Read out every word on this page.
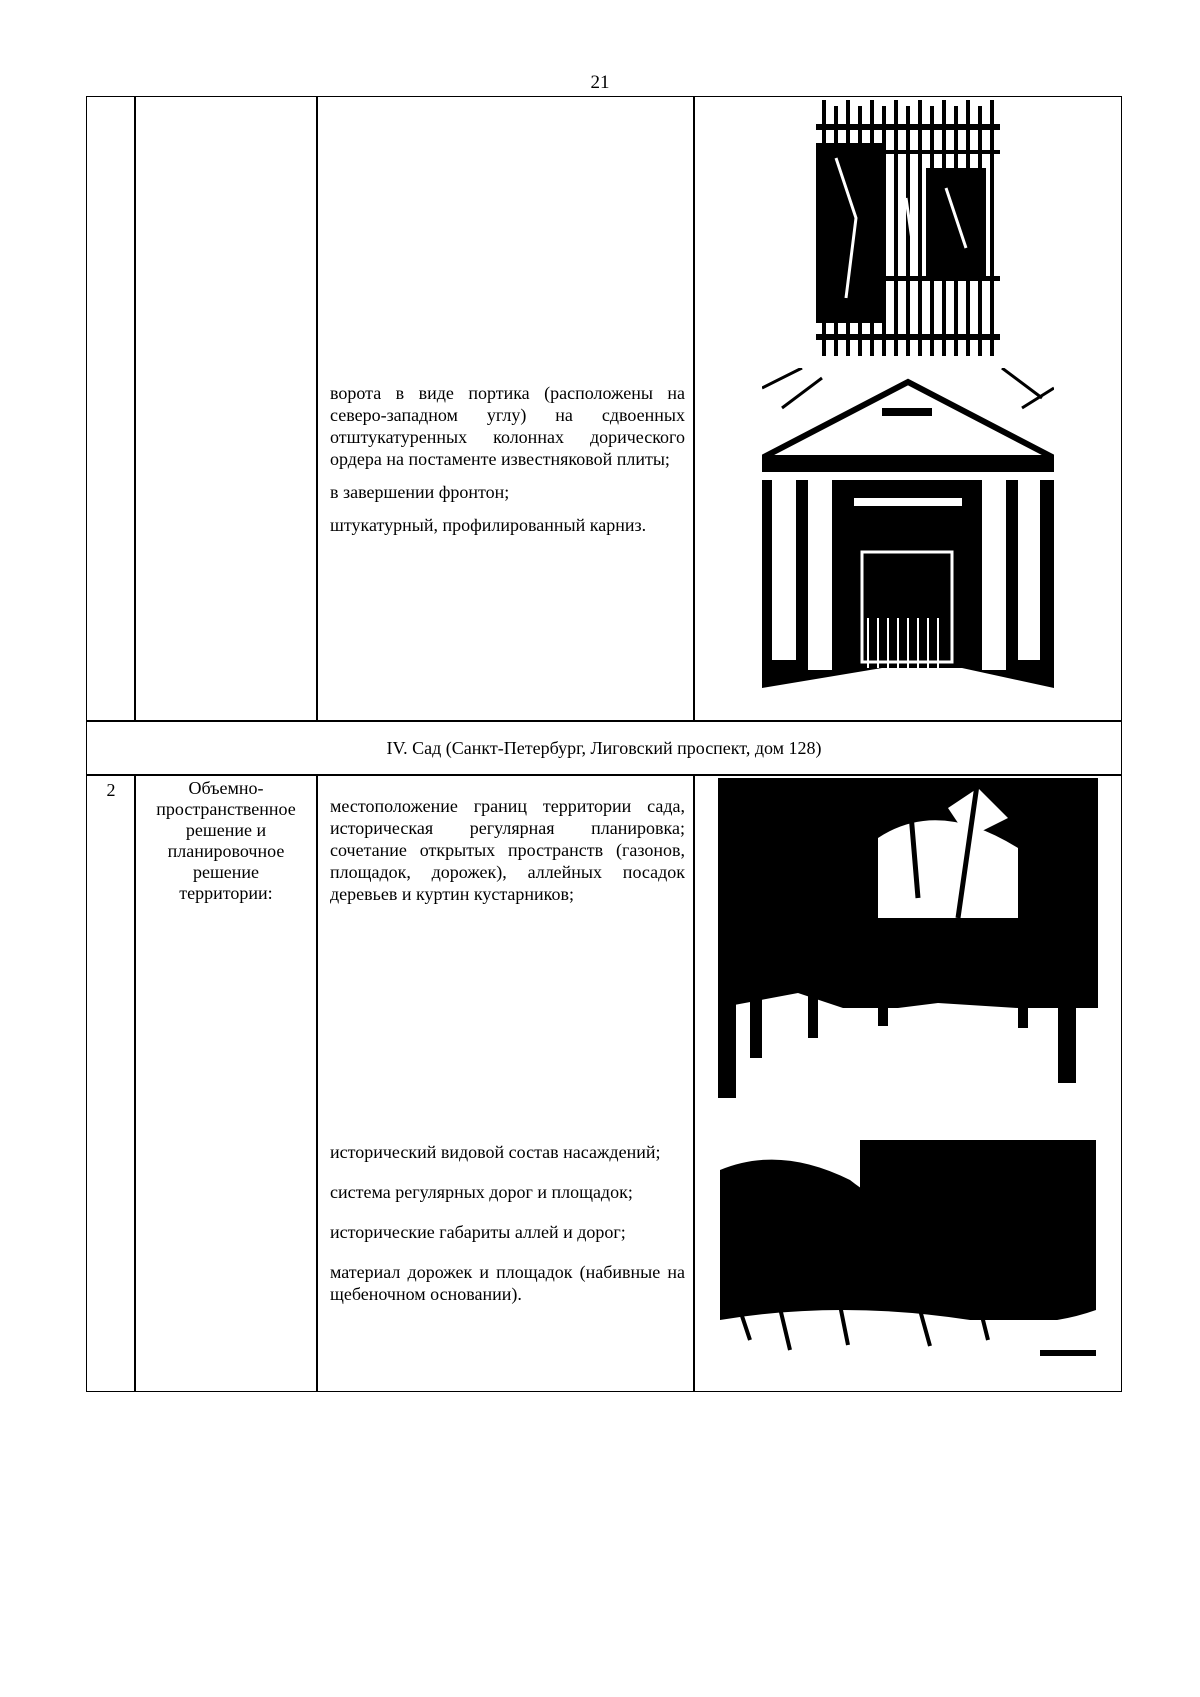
21

ворота в виде портика (расположены на северо-западном углу) на сдвоенных отштукатуренных колоннах дорического ордера на постаменте известняковой плиты;

в завершении фронтон;

штукатурный, профилированный карниз.

IV. Сад (Санкт-Петербург, Лиговский проспект, дом 128)
2	Объемно-пространственное решение и планировочное решение территории:

местоположение границ территории сада, историческая регулярная планировка; сочетание открытых пространств (газонов, площадок, дорожек), аллейных посадок деревьев и куртин кустарников;

исторический видовой состав насаждений;

система регулярных дорог и площадок;

исторические габариты аллей и дорог;

материал дорожек и площадок (набивные на щебеночном основании).
